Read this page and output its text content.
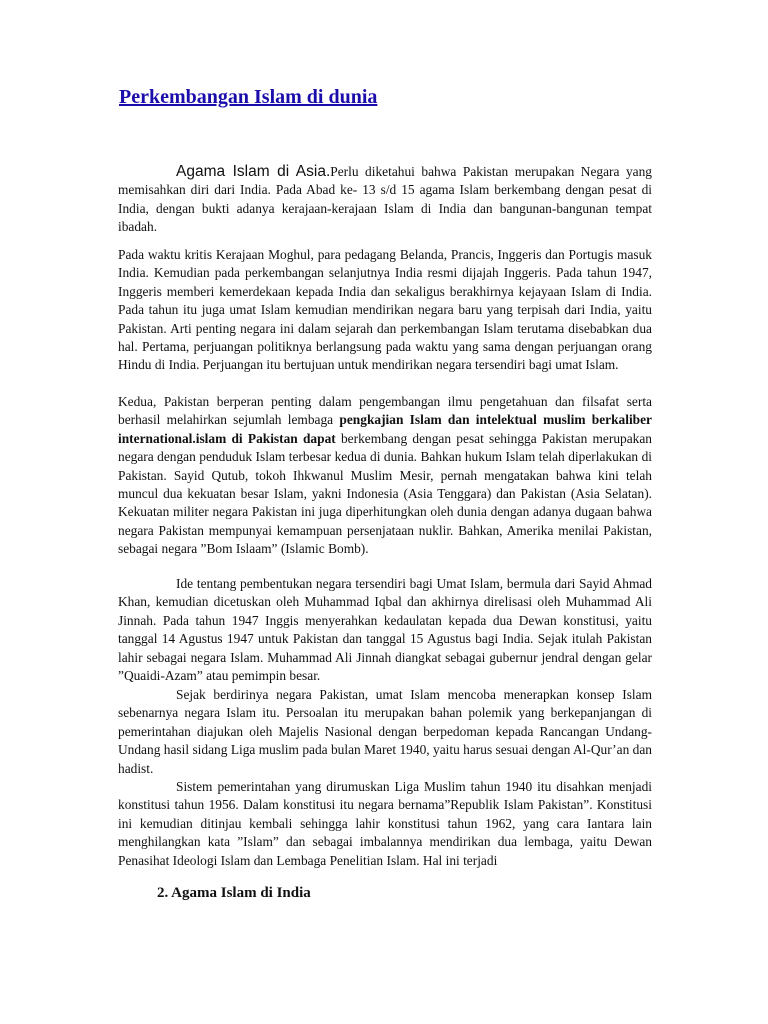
Perkembangan Islam di dunia

Agama Islam di Asia.Perlu diketahui bahwa Pakistan merupakan Negara yang memisahkan diri dari India. Pada Abad ke- 13 s/d 15 agama Islam berkembang dengan pesat di India, dengan bukti adanya kerajaan-kerajaan Islam di India dan bangunan-bangunan tempat ibadah.

Pada waktu kritis Kerajaan Moghul, para pedagang Belanda, Prancis, Inggeris dan Portugis masuk India. Kemudian pada perkembangan selanjutnya India resmi dijajah Inggeris. Pada tahun 1947, Inggeris memberi kemerdekaan kepada India dan sekaligus berakhirnya kejayaan Islam di India. Pada tahun itu juga umat Islam kemudian mendirikan negara baru yang terpisah dari India, yaitu Pakistan. Arti penting negara ini dalam sejarah dan perkembangan Islam terutama disebabkan dua hal. Pertama, perjuangan politiknya berlangsung pada waktu yang sama dengan perjuangan orang Hindu di India. Perjuangan itu bertujuan untuk mendirikan negara tersendiri bagi umat Islam.

Kedua, Pakistan berperan penting dalam pengembangan ilmu pengetahuan dan filsafat serta berhasil melahirkan sejumlah lembaga pengkajian Islam dan intelektual muslim berkaliber international.islam di Pakistan dapat berkembang dengan pesat sehingga Pakistan merupakan negara dengan penduduk Islam terbesar kedua di dunia. Bahkan hukum Islam telah diperlakukan di Pakistan. Sayid Qutub, tokoh Ihkwanul Muslim Mesir, pernah mengatakan bahwa kini telah muncul dua kekuatan besar Islam, yakni Indonesia (Asia Tenggara) dan Pakistan (Asia Selatan). Kekuatan militer negara Pakistan ini juga diperhitungkan oleh dunia dengan adanya dugaan bahwa negara Pakistan mempunyai kemampuan persenjataan nuklir. Bahkan, Amerika menilai Pakistan, sebagai negara ”Bom Islaam” (Islamic Bomb).

Ide tentang pembentukan negara tersendiri bagi Umat Islam, bermula dari Sayid Ahmad Khan, kemudian dicetuskan oleh Muhammad Iqbal dan akhirnya direlisasi oleh Muhammad Ali Jinnah. Pada tahun 1947 Inggis menyerahkan kedaulatan kepada dua Dewan konstitusi, yaitu tanggal 14 Agustus 1947 untuk Pakistan dan tanggal 15 Agustus bagi India. Sejak itulah Pakistan lahir sebagai negara Islam. Muhammad Ali Jinnah diangkat sebagai gubernur jendral dengan gelar ”Quaidi-Azam” atau pemimpin besar.

Sejak berdirinya negara Pakistan, umat Islam mencoba menerapkan konsep Islam sebenarnya negara Islam itu. Persoalan itu merupakan bahan polemik yang berkepanjangan di pemerintahan diajukan oleh Majelis Nasional dengan berpedoman kepada Rancangan Undang-Undang hasil sidang Liga muslim pada bulan Maret 1940, yaitu harus sesuai dengan Al-Qur’an dan hadist.

Sistem pemerintahan yang dirumuskan Liga Muslim tahun 1940 itu disahkan menjadi konstitusi tahun 1956. Dalam konstitusi itu negara bernama”Republik Islam Pakistan”. Konstitusi ini kemudian ditinjau kembali sehingga lahir konstitusi tahun 1962, yang cara Iantara lain menghilangkan kata ”Islam” dan sebagai imbalannya mendirikan dua lembaga, yaitu Dewan Penasihat Ideologi Islam dan Lembaga Penelitian Islam. Hal ini terjadi

2. Agama Islam di India
